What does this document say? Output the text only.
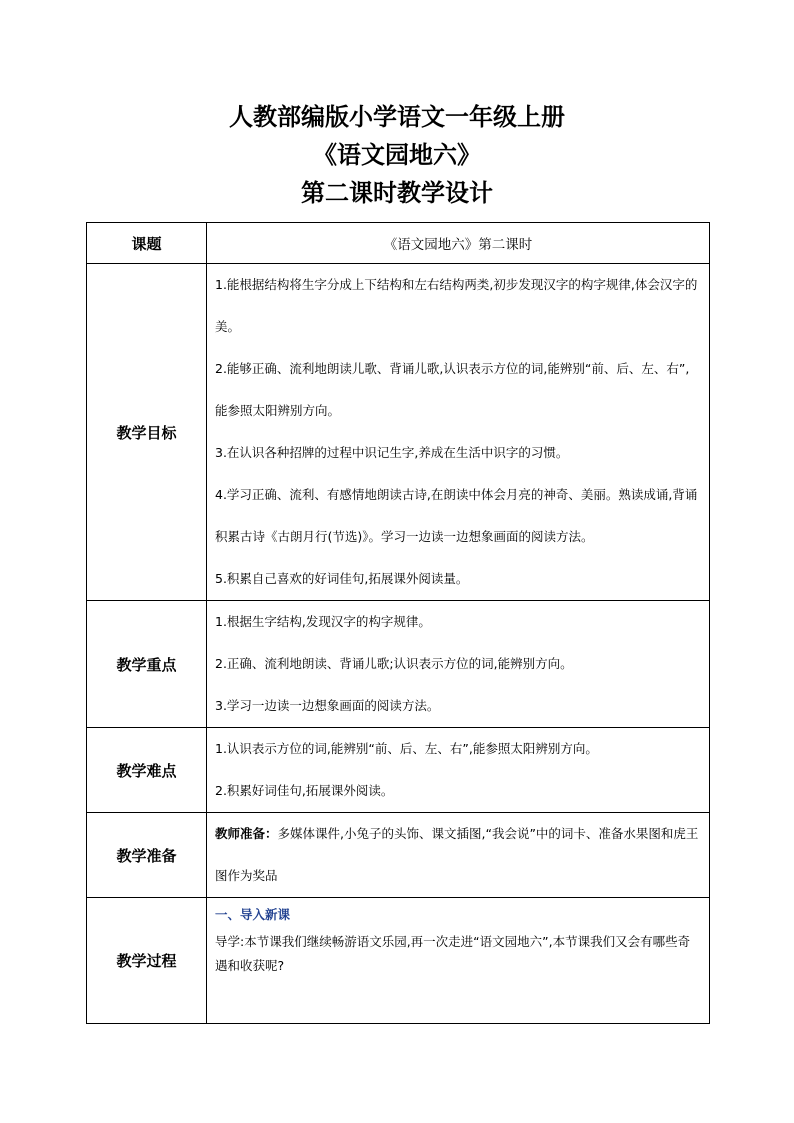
人教部编版小学语文一年级上册
《语文园地六》
第二课时教学设计
课题	《语文园地六》第二课时
教学目标	1.能根据结构将生字分成上下结构和左右结构两类,初步发现汉字的构字规律,体会汉字的美。

2.能够正确、流利地朗读儿歌、背诵儿歌,认识表示方位的词,能辨别“前、后、左、右”,能参照太阳辨别方向。

3.在认识各种招牌的过程中识记生字,养成在生活中识字的习惯。

4.学习正确、流利、有感情地朗读古诗,在朗读中体会月亮的神奇、美丽。熟读成诵,背诵积累古诗《古朗月行(节选)》。学习一边读一边想象画面的阅读方法。

5.积累自己喜欢的好词佳句,拓展课外阅读量。

教学重点	1.根据生字结构,发现汉字的构字规律。

2.正确、流利地朗读、背诵儿歌;认识表示方位的词,能辨别方向。

3.学习一边读一边想象画面的阅读方法。

教学难点	1.认识表示方位的词,能辨别“前、后、左、右”,能参照太阳辨别方向。

2.积累好词佳句,拓展课外阅读。

教学准备	教师准备：多媒体课件,小兔子的头饰、课文插图,“我会说”中的词卡、准备水果图和虎王图作为奖品

教学过程	一、导入新课

导学:本节课我们继续畅游语文乐园,再一次走进“语文园地六”,本节课我们又会有哪些奇遇和收获呢?
